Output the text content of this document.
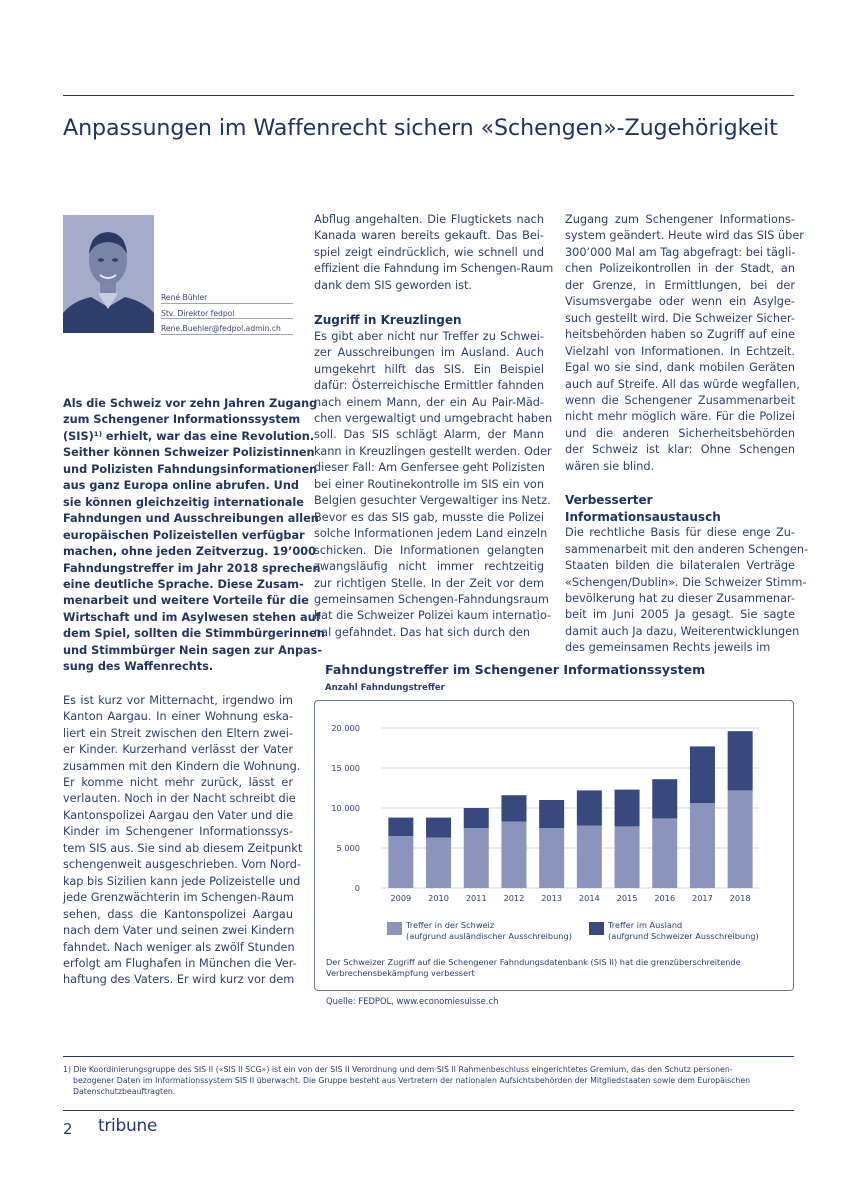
Anpassungen im Waffenrecht sichern «Schengen»-Zugehörigkeit
René Bühler
Stv. Direktor fedpol
Rene.Buehler@fedpol.admin.ch
Als die Schweiz vor zehn Jahren Zugang
zum Schengener Informationssystem
(SIS)¹⁾ erhielt, war das eine Revolution.
Seither können Schweizer Polizistinnen
und Polizisten Fahndungsinformationen
aus ganz Europa online abrufen. Und
sie können gleichzeitig internationale
Fahndungen und Ausschreibungen allen
europäischen Polizeistellen verfügbar
machen, ohne jeden Zeitverzug. 19’000
Fahndungstreffer im Jahr 2018 sprechen
eine deutliche Sprache. Diese Zusam-
menarbeit und weitere Vorteile für die
Wirtschaft und im Asylwesen stehen auf
dem Spiel, sollten die Stimmbürgerinnen
und Stimmbürger Nein sagen zur Anpas-
sung des Waffenrechts.
Es ist kurz vor Mitternacht, irgendwo im
Kanton Aargau. In einer Wohnung eska-
liert ein Streit zwischen den Eltern zwei-
er Kinder. Kurzerhand verlässt der Vater
zusammen mit den Kindern die Wohnung.
Er komme nicht mehr zurück, lässt er
verlauten. Noch in der Nacht schreibt die
Kantonspolizei Aargau den Vater und die
Kinder im Schengener Informationssys-
tem SIS aus. Sie sind ab diesem Zeitpunkt
schengenweit ausgeschrieben. Vom Nord-
kap bis Sizilien kann jede Polizeistelle und
jede Grenzwächterin im Schengen-Raum
sehen, dass die Kantonspolizei Aargau
nach dem Vater und seinen zwei Kindern
fahndet. Nach weniger als zwölf Stunden
erfolgt am Flughafen in München die Ver-
haftung des Vaters. Er wird kurz vor dem
Abflug angehalten. Die Flugtickets nach
Kanada waren bereits gekauft. Das Bei-
spiel zeigt eindrücklich, wie schnell und
effizient die Fahndung im Schengen-Raum
dank dem SIS geworden ist.
Zugriff in Kreuzlingen
Es gibt aber nicht nur Treffer zu Schwei-
zer Ausschreibungen im Ausland. Auch
umgekehrt hilft das SIS. Ein Beispiel
dafür: Österreichische Ermittler fahnden
nach einem Mann, der ein Au Pair-Mäd-
chen vergewaltigt und umgebracht haben
soll. Das SIS schlägt Alarm, der Mann
kann in Kreuzlingen gestellt werden. Oder
dieser Fall: Am Genfersee geht Polizisten
bei einer Routinekontrolle im SIS ein von
Belgien gesuchter Vergewaltiger ins Netz.
Bevor es das SIS gab, musste die Polizei
solche Informationen jedem Land einzeln
schicken. Die Informationen gelangten
zwangsläufig nicht immer rechtzeitig
zur richtigen Stelle. In der Zeit vor dem
gemeinsamen Schengen-Fahndungsraum
hat die Schweizer Polizei kaum internatio-
nal gefahndet. Das hat sich durch den
Zugang zum Schengener Informations-
system geändert. Heute wird das SIS über
300’000 Mal am Tag abgefragt: bei tägli-
chen Polizeikontrollen in der Stadt, an
der Grenze, in Ermittlungen, bei der
Visumsvergabe oder wenn ein Asylge-
such gestellt wird. Die Schweizer Sicher-
heitsbehörden haben so Zugriff auf eine
Vielzahl von Informationen. In Echtzeit.
Egal wo sie sind, dank mobilen Geräten
auch auf Streife. All das würde wegfallen,
wenn die Schengener Zusammenarbeit
nicht mehr möglich wäre. Für die Polizei
und die anderen Sicherheitsbehörden
der Schweiz ist klar: Ohne Schengen
wären sie blind.
Verbesserter Informationsaustausch
Die rechtliche Basis für diese enge Zu-
sammenarbeit mit den anderen Schengen-
Staaten bilden die bilateralen Verträge
«Schengen/Dublin». Die Schweizer Stimm-
bevölkerung hat zu dieser Zusammenar-
beit im Juni 2005 Ja gesagt. Sie sagte
damit auch Ja dazu, Weiterentwicklungen
des gemeinsamen Rechts jeweils im
Fahndungstreffer im Schengener Informationssystem
Anzahl Fahndungstreffer
0
5 000
10 000
15 000
20 000
2009 2010 2011 2012 2013 2014 2015 2016 2017 2018
Treffer in der Schweiz
(aufgrund ausländischer Ausschreibung)
Treffer im Ausland
(aufgrund Schweizer Ausschreibung)
Der Schweizer Zugriff auf die Schengener Fahndungsdatenbank (SIS II) hat die grenzüberschreitende
Verbrechensbekämpfung verbessert
Quelle: FEDPOL, www.economiesuisse.ch
1) Die Koordinierungsgruppe des SIS II («SIS II SCG») ist ein von der SIS II Verordnung und dem SIS II Rahmenbeschluss eingerichtetes Gremium, das den Schutz personen-
bezogener Daten im Informationssystem SIS II überwacht. Die Gruppe besteht aus Vertretern der nationalen Aufsichtsbehörden der Mitgliedstaaten sowie dem Europäischen
Datenschutzbeauftragten.
2 tribune
